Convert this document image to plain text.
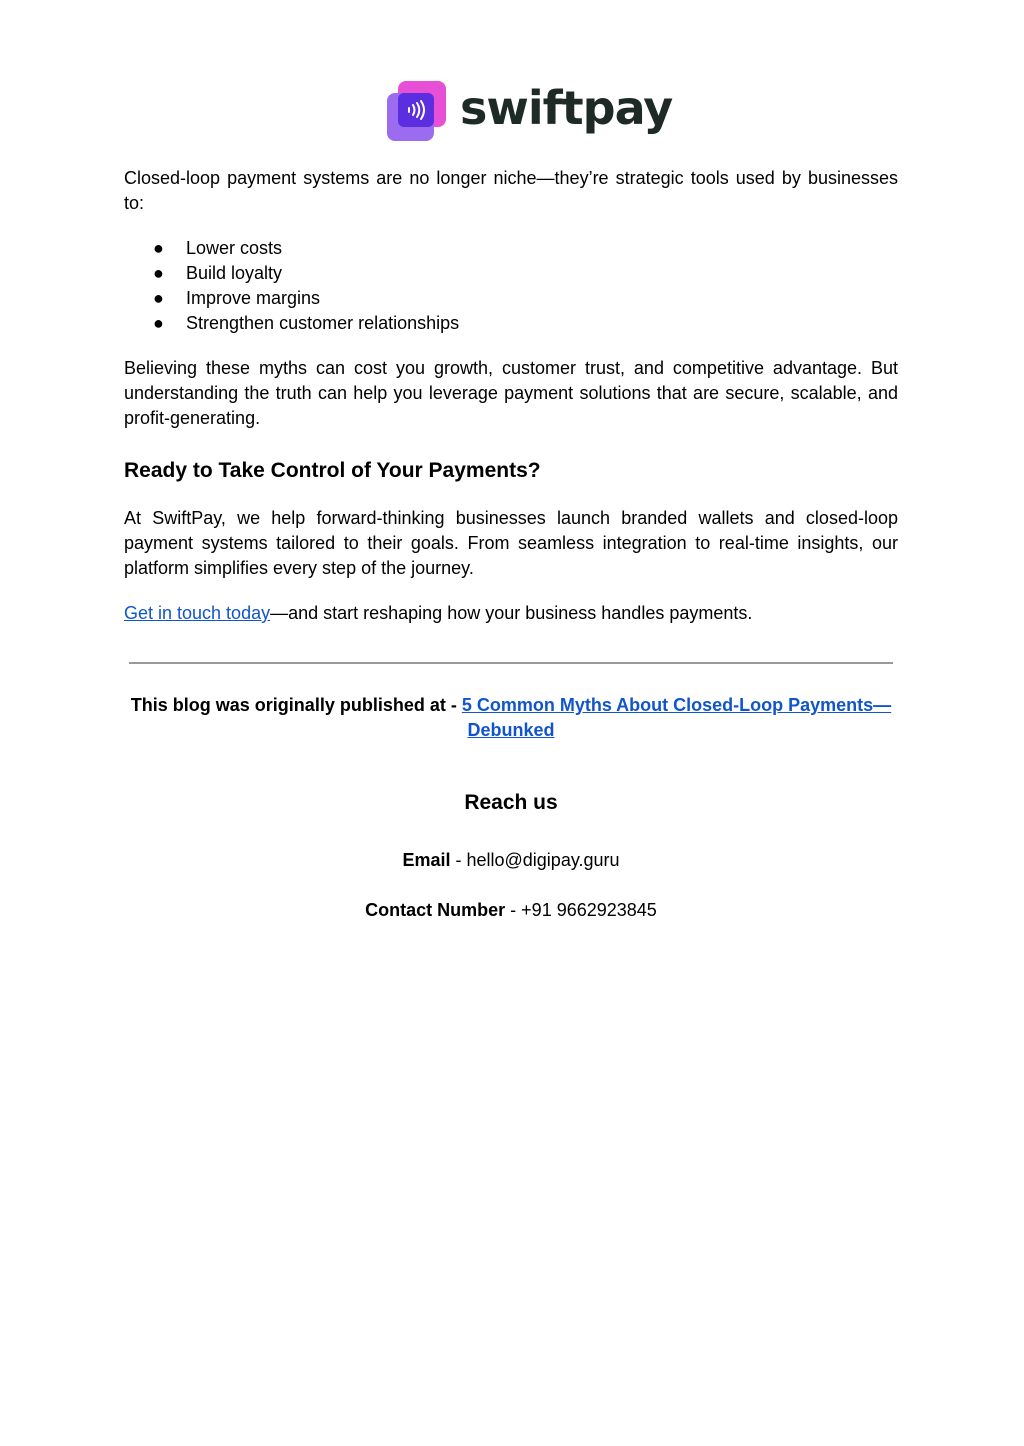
swiftpay

Closed-loop payment systems are no longer niche—they’re strategic tools used by businesses to:

● Lower costs
● Build loyalty
● Improve margins
● Strengthen customer relationships

Believing these myths can cost you growth, customer trust, and competitive advantage. But understanding the truth can help you leverage payment solutions that are secure, scalable, and profit-generating.

Ready to Take Control of Your Payments?

At SwiftPay, we help forward-thinking businesses launch branded wallets and closed-loop payment systems tailored to their goals. From seamless integration to real-time insights, our platform simplifies every step of the journey.

Get in touch today—and start reshaping how your business handles payments.

This blog was originally published at - 5 Common Myths About Closed-Loop Payments—Debunked
Reach us
Email - hello@digipay.guru
Contact Number - +91 9662923845
